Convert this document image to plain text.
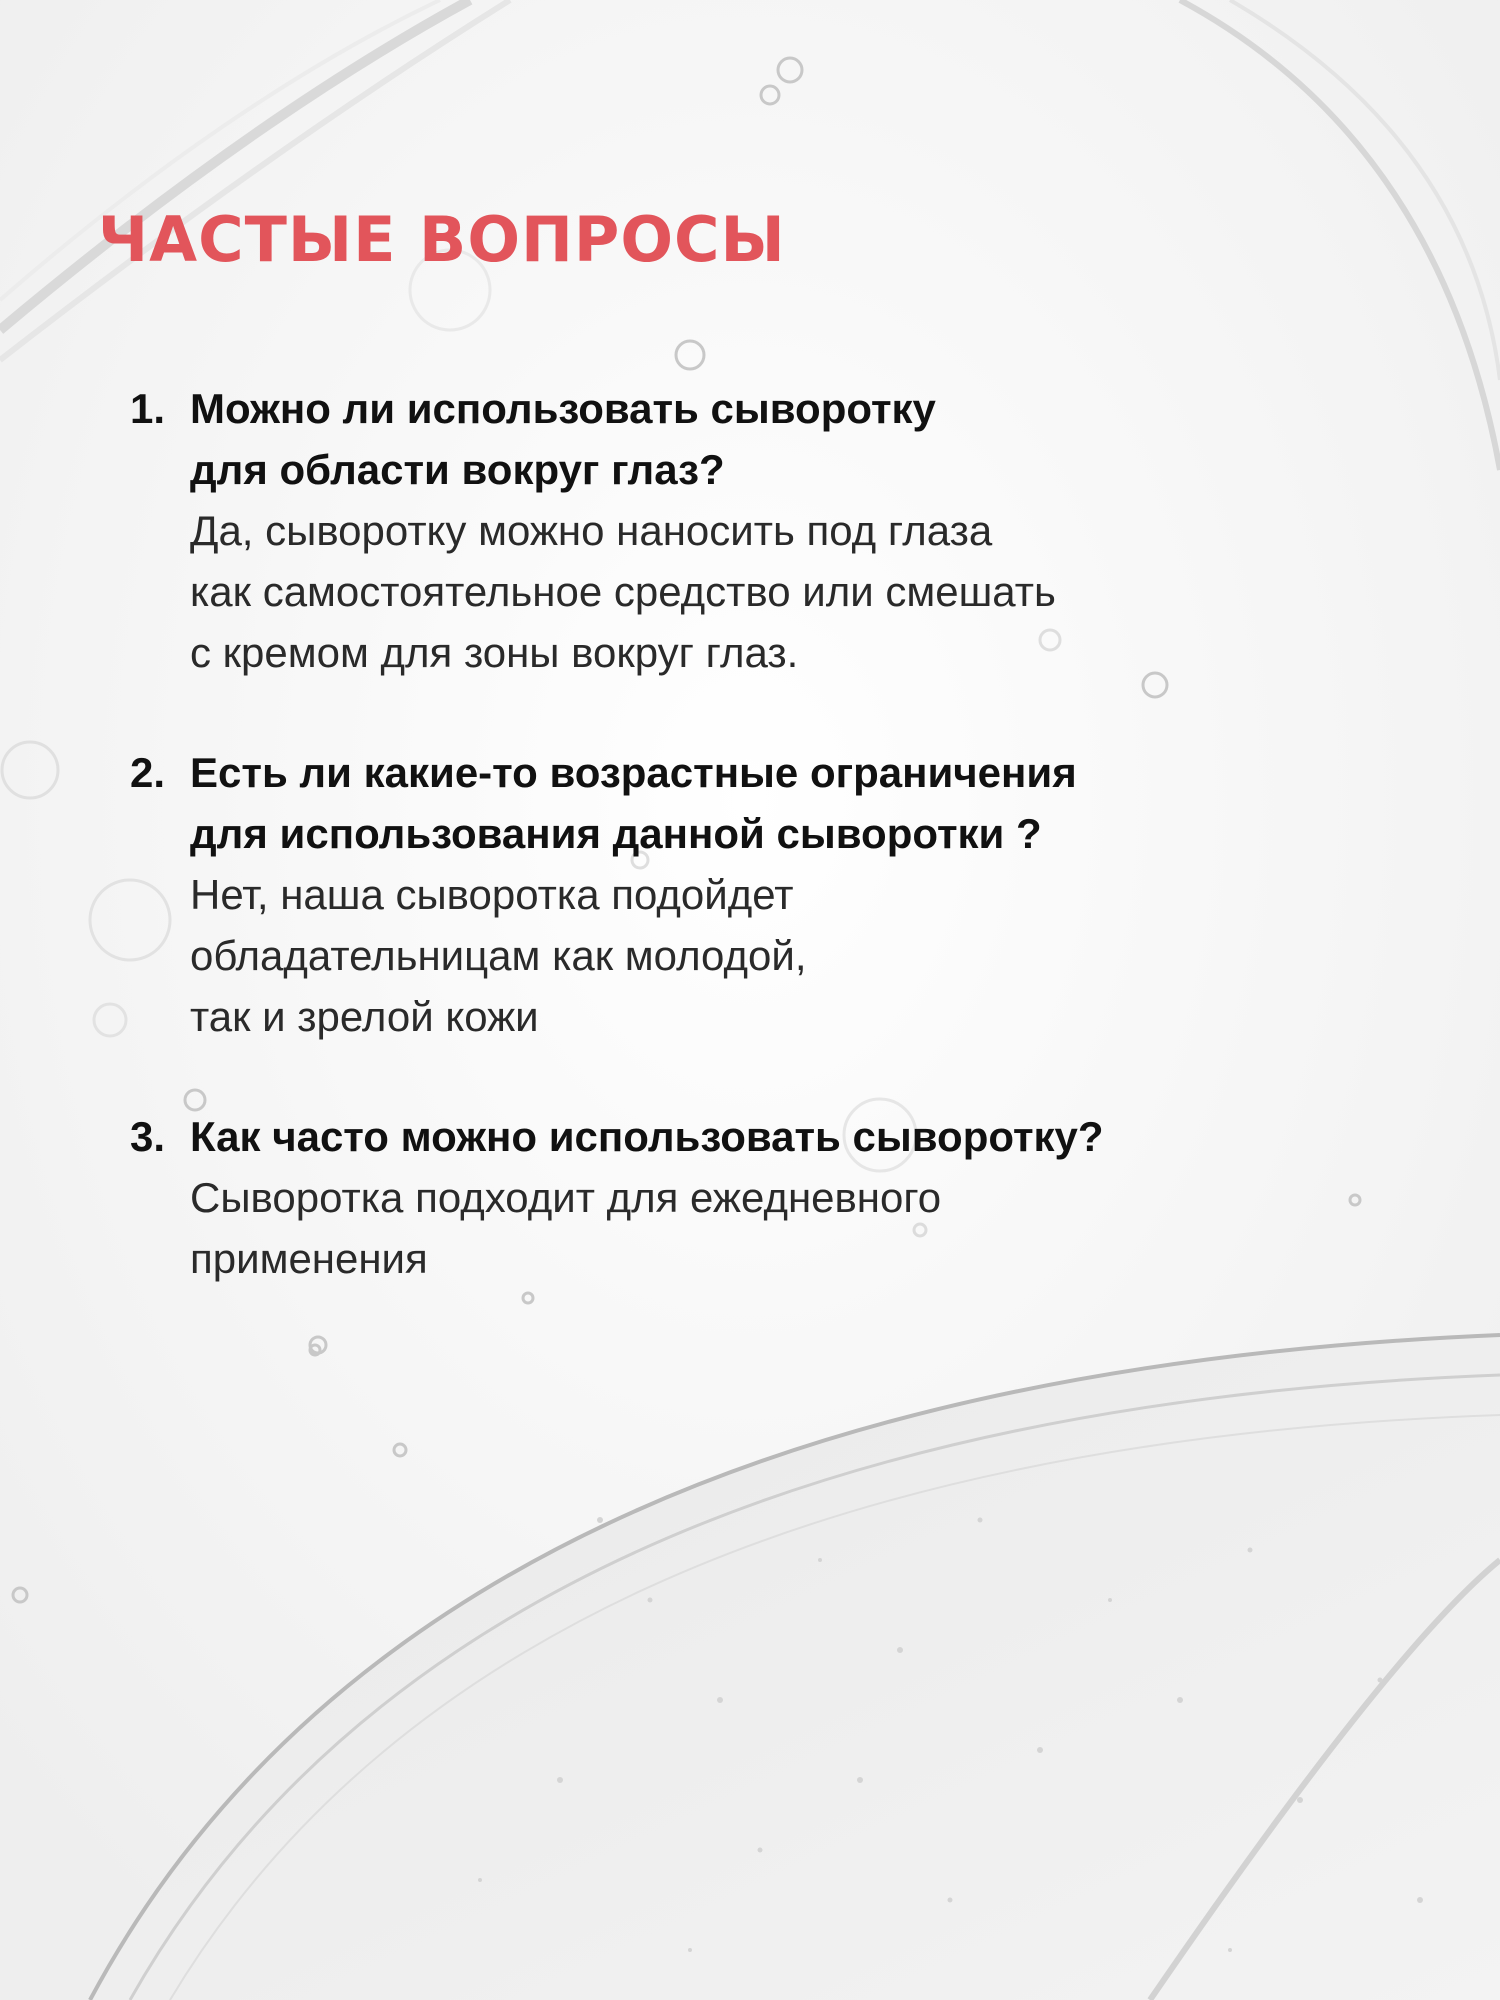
ЧАСТЫЕ ВОПРОСЫ
1. Можно ли использовать сыворотку
для области вокруг глаз?
Да, сыворотку можно наносить под глаза
как самостоятельное средство или смешать
с кремом для зоны вокруг глаз.
2. Есть ли какие-то возрастные ограничения
для использования данной сыворотки ?
Нет, наша сыворотка подойдет
обладательницам как молодой,
так и зрелой кожи
3. Как часто можно использовать сыворотку?
Сыворотка подходит для ежедневного
применения
